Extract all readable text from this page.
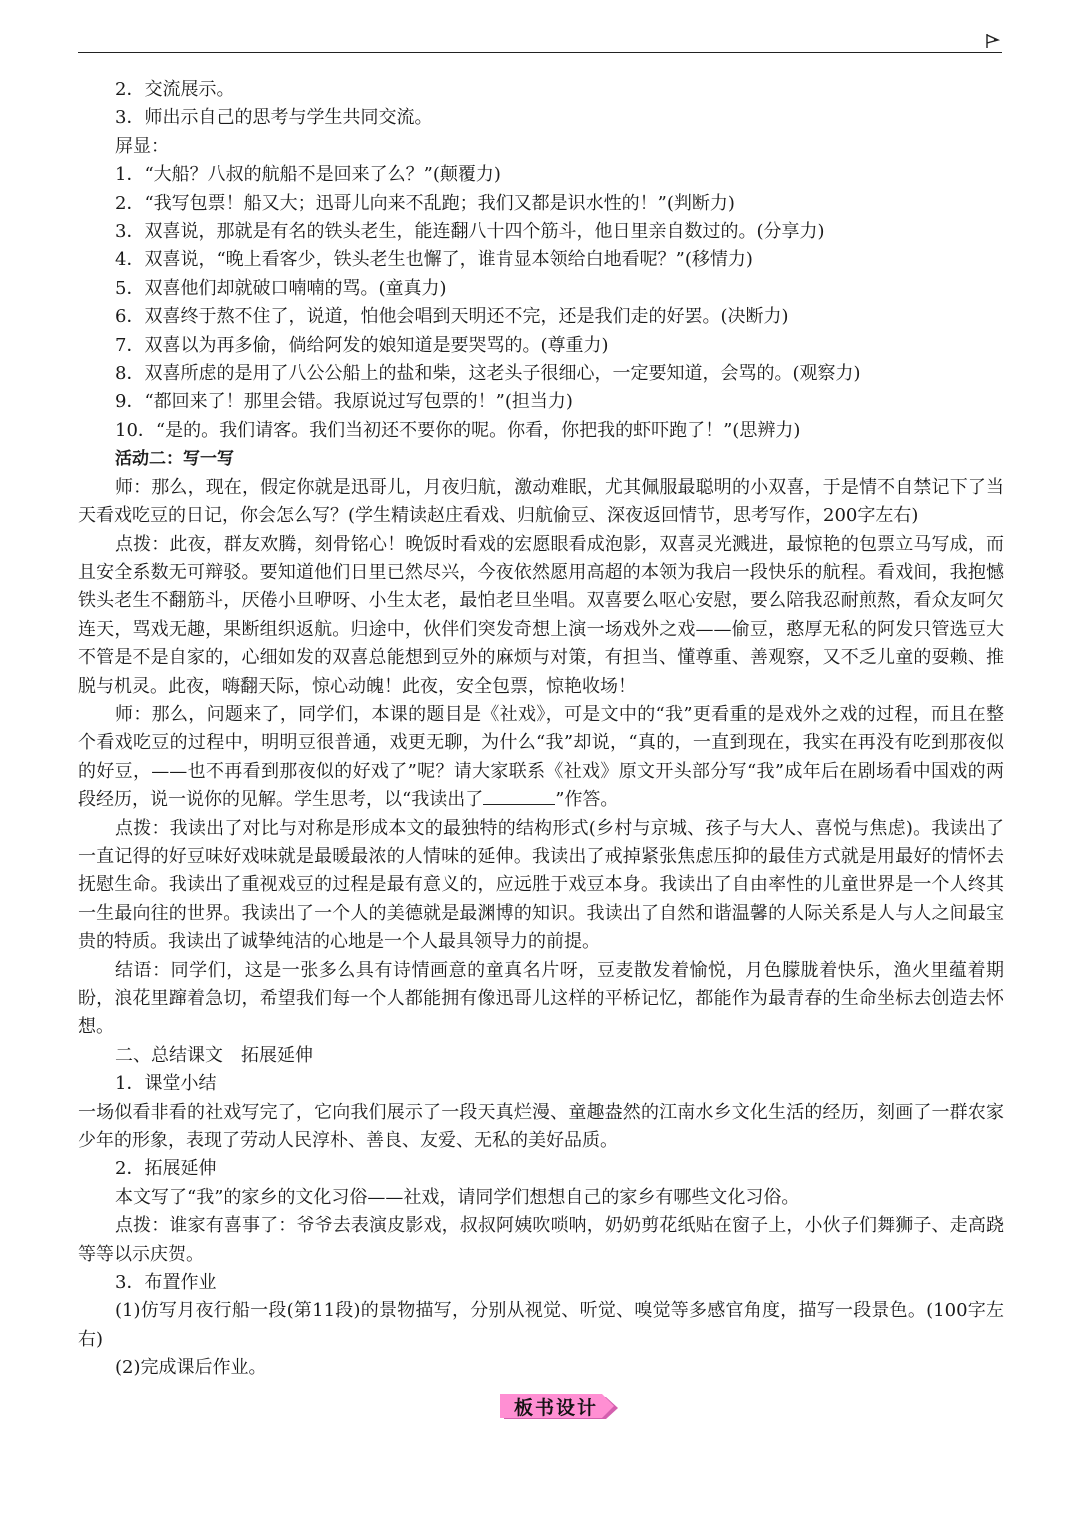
2．交流展示。

3．师出示自己的思考与学生共同交流。

屏显：

1．“大船？八叔的航船不是回来了么？”(颠覆力)

2．“我写包票！船又大；迅哥儿向来不乱跑；我们又都是识水性的！”(判断力)

3．双喜说，那就是有名的铁头老生，能连翻八十四个筋斗，他日里亲自数过的。(分享力)

4．双喜说，“晚上看客少，铁头老生也懈了，谁肯显本领给白地看呢？”(移情力)

5．双喜他们却就破口喃喃的骂。(童真力)

6．双喜终于熬不住了，说道，怕他会唱到天明还不完，还是我们走的好罢。(决断力)

7．双喜以为再多偷，倘给阿发的娘知道是要哭骂的。(尊重力)

8．双喜所虑的是用了八公公船上的盐和柴，这老头子很细心，一定要知道，会骂的。(观察力)

9．“都回来了！那里会错。我原说过写包票的！”(担当力)

10．“是的。我们请客。我们当初还不要你的呢。你看，你把我的虾吓跑了！”(思辨力)

活动二：写一写

师：那么，现在，假定你就是迅哥儿，月夜归航，激动难眠，尤其佩服最聪明的小双喜，于是情不自禁记下了当天看戏吃豆的日记，你会怎么写？(学生精读赵庄看戏、归航偷豆、深夜返回情节，思考写作，200字左右)

点拨：此夜，群友欢腾，刻骨铭心！晚饭时看戏的宏愿眼看成泡影，双喜灵光溅进，最惊艳的包票立马写成，而且安全系数无可辩驳。要知道他们日里已然尽兴，今夜依然愿用高超的本领为我启一段快乐的航程。看戏间，我抱憾铁头老生不翻筋斗，厌倦小旦咿呀、小生太老，最怕老旦坐唱。双喜要么呕心安慰，要么陪我忍耐煎熬，看众友呵欠连天，骂戏无趣，果断组织返航。归途中，伙伴们突发奇想上演一场戏外之戏——偷豆，憨厚无私的阿发只管选豆大不管是不是自家的，心细如发的双喜总能想到豆外的麻烦与对策，有担当、懂尊重、善观察，又不乏儿童的耍赖、推脱与机灵。此夜，嗨翻天际，惊心动魄！此夜，安全包票，惊艳收场！

师：那么，问题来了，同学们，本课的题目是《社戏》，可是文中的“我”更看重的是戏外之戏的过程，而且在整个看戏吃豆的过程中，明明豆很普通，戏更无聊，为什么“我”却说，“真的，一直到现在，我实在再没有吃到那夜似的好豆，——也不再看到那夜似的好戏了”呢？请大家联系《社戏》原文开头部分写“我”成年后在剧场看中国戏的两段经历，说一说你的见解。学生思考，以“我读出了	”作答。

点拨：我读出了对比与对称是形成本文的最独特的结构形式(乡村与京城、孩子与大人、喜悦与焦虑)。我读出了一直记得的好豆味好戏味就是最暖最浓的人情味的延伸。我读出了戒掉紧张焦虑压抑的最佳方式就是用最好的情怀去抚慰生命。我读出了重视戏豆的过程是最有意义的，应远胜于戏豆本身。我读出了自由率性的儿童世界是一个人终其一生最向往的世界。我读出了一个人的美德就是最渊博的知识。我读出了自然和谐温馨的人际关系是人与人之间最宝贵的特质。我读出了诚挚纯洁的心地是一个人最具领导力的前提。

结语：同学们，这是一张多么具有诗情画意的童真名片呀，豆麦散发着愉悦，月色朦胧着快乐，渔火里蕴着期盼，浪花里蹿着急切，希望我们每一个人都能拥有像迅哥儿这样的平桥记忆，都能作为最青春的生命坐标去创造去怀想。

二、总结课文　拓展延伸

1．课堂小结

一场似看非看的社戏写完了，它向我们展示了一段天真烂漫、童趣盎然的江南水乡文化生活的经历，刻画了一群农家少年的形象，表现了劳动人民淳朴、善良、友爱、无私的美好品质。

2．拓展延伸

本文写了“我”的家乡的文化习俗——社戏，请同学们想想自己的家乡有哪些文化习俗。

点拨：谁家有喜事了：爷爷去表演皮影戏，叔叔阿姨吹唢呐，奶奶剪花纸贴在窗子上，小伙子们舞狮子、走高跷等等以示庆贺。

3．布置作业

(1)仿写月夜行船一段(第11段)的景物描写，分别从视觉、听觉、嗅觉等多感官角度，描写一段景色。(100字左右)

(2)完成课后作业。

板书设计
